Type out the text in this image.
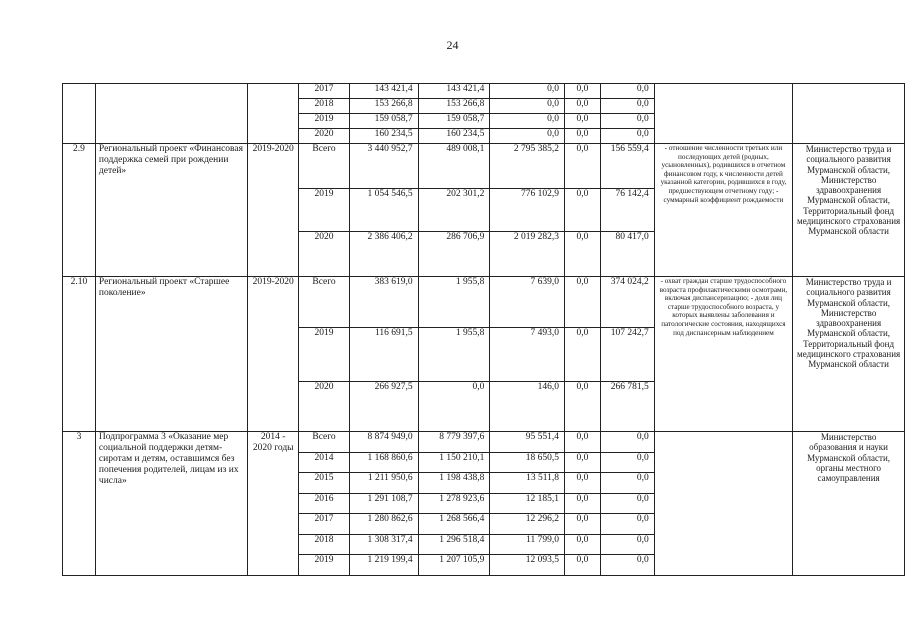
24
			2017	143 421,4	143 421,4	0,0	0,0	0,0		
			2018	153 266,8	153 266,8	0,0	0,0	0,0		
			2019	159 058,7	159 058,7	0,0	0,0	0,0		
			2020	160 234,5	160 234,5	0,0	0,0	0,0		
2.9	Региональный проект «Финансовая поддержка семей при рождении детей»	2019-2020	Всего	3 440 952,7	489 008,1	2 795 385,2	0,0	156 559,4	- отношение численности третьих или последующих детей (родных, усыновленных), родившихся в отчетном финансовом году, к численности детей указанной категории, родившихся в году, предшествующем отчетному году; - суммарный коэффициент рождаемости	Министерство труда и социального развития Мурманской области, Министерство здравоохранения Мурманской области, Территориальный фонд медицинского страхования Мурманской области
			2019	1 054 546,5	202 301,2	776 102,9	0,0	76 142,4		
			2020	2 386 406,2	286 706,9	2 019 282,3	0,0	80 417,0		
2.10	Региональный проект «Старшее поколение»	2019-2020	Всего	383 619,0	1 955,8	7 639,0	0,0	374 024,2	- охват граждан старше трудоспособного возраста профилактическими осмотрами, включая диспансеризацию; - доля лиц старше трудоспособного возраста, у которых выявлены заболевания и патологические состояния, находящихся под диспансерным наблюдением	Министерство труда и социального развития Мурманской области, Министерство здравоохранения Мурманской области, Территориальный фонд медицинского страхования Мурманской области
			2019	116 691,5	1 955,8	7 493,0	0,0	107 242,7		
			2020	266 927,5	0,0	146,0	0,0	266 781,5		
3	Подпрограмма 3 «Оказание мер социальной поддержки детям-сиротам и детям, оставшимся без попечения родителей, лицам из их числа»	2014 - 2020 годы	Всего	8 874 949,0	8 779 397,6	95 551,4	0,0	0,0		Министерство образования и науки Мурманской области, органы местного самоуправления
			2014	1 168 860,6	1 150 210,1	18 650,5	0,0	0,0		
			2015	1 211 950,6	1 198 438,8	13 511,8	0,0	0,0		
			2016	1 291 108,7	1 278 923,6	12 185,1	0,0	0,0		
			2017	1 280 862,6	1 268 566,4	12 296,2	0,0	0,0		
			2018	1 308 317,4	1 296 518,4	11 799,0	0,0	0,0		
			2019	1 219 199,4	1 207 105,9	12 093,5	0,0	0,0		
